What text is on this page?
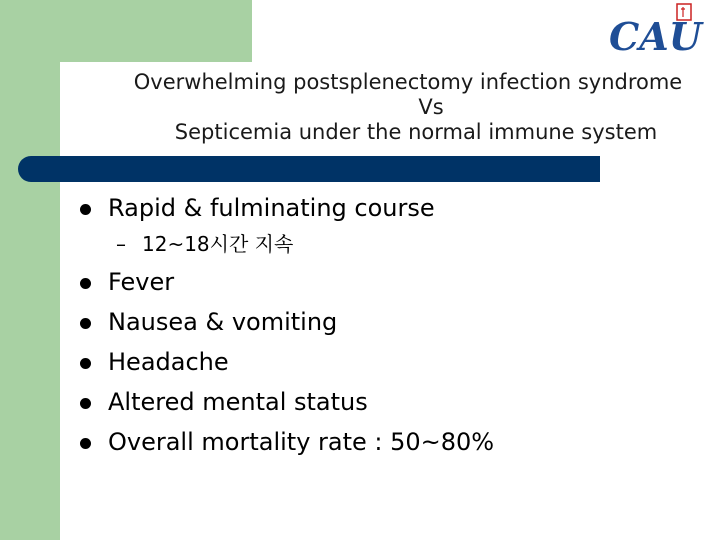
CAU
Overwhelming postsplenectomy infection syndrome
Vs
Septicemia under the normal immune system
Rapid & fulminating course
– 12~18시간 지속
Fever
Nausea & vomiting
Headache
Altered mental status
Overall mortality rate : 50~80%
